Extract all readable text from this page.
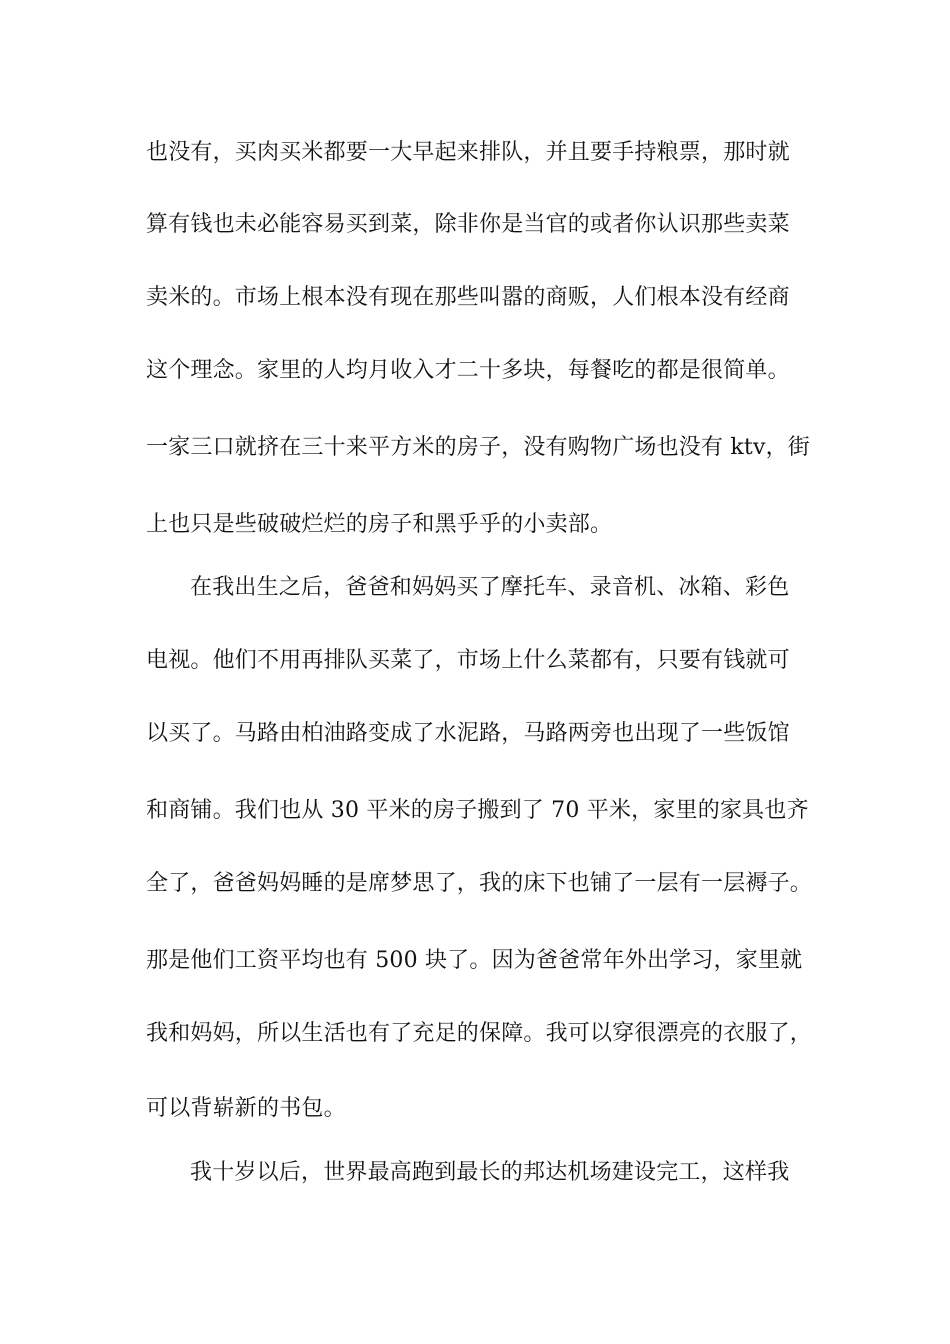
也没有，买肉买米都要一大早起来排队，并且要手持粮票，那时就
算有钱也未必能容易买到菜，除非你是当官的或者你认识那些卖菜
卖米的。市场上根本没有现在那些叫嚣的商贩，人们根本没有经商
这个理念。家里的人均月收入才二十多块，每餐吃的都是很简单。
一家三口就挤在三十来平方米的房子，没有购物广场也没有 ktv，街
上也只是些破破烂烂的房子和黑乎乎的小卖部。
在我出生之后，爸爸和妈妈买了摩托车、录音机、冰箱、彩色
电视。他们不用再排队买菜了，市场上什么菜都有，只要有钱就可
以买了。马路由柏油路变成了水泥路，马路两旁也出现了一些饭馆
和商铺。我们也从 30 平米的房子搬到了 70 平米，家里的家具也齐
全了，爸爸妈妈睡的是席梦思了，我的床下也铺了一层有一层褥子。
那是他们工资平均也有 500 块了。因为爸爸常年外出学习，家里就
我和妈妈，所以生活也有了充足的保障。我可以穿很漂亮的衣服了，
可以背崭新的书包。
我十岁以后，世界最高跑到最长的邦达机场建设完工，这样我
